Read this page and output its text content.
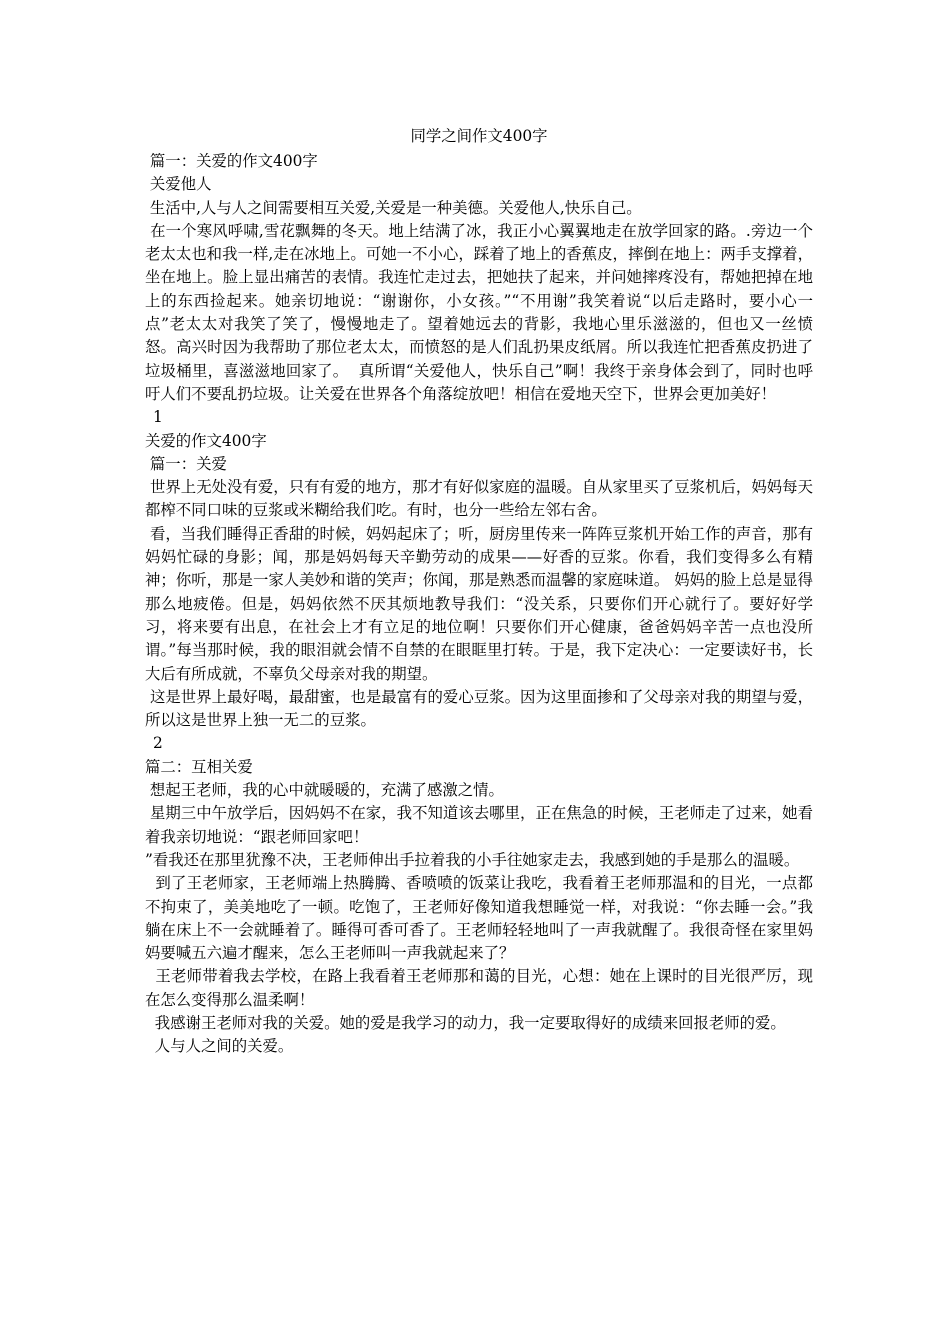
同学之间作文400字

篇一：关爱的作文400字

关爱他人

生活中,人与人之间需要相互关爱,关爱是一种美德。关爱他人,快乐自己。

在一个寒风呼啸,雪花飘舞的冬天。地上结满了冰，我正小心翼翼地走在放学回家的路。.旁边一个老太太也和我一样,走在冰地上。可她一不小心，踩着了地上的香蕉皮，摔倒在地上：两手支撑着，坐在地上。脸上显出痛苦的表情。我连忙走过去，把她扶了起来，并问她摔疼没有，帮她把掉在地上的东西捡起来。她亲切地说：“谢谢你，小女孩。”“不用谢”我笑着说“以后走路时，要小心一点”老太太对我笑了笑了，慢慢地走了。望着她远去的背影，我地心里乐滋滋的，但也又一丝愤怒。高兴时因为我帮助了那位老太太，而愤怒的是人们乱扔果皮纸屑。所以我连忙把香蕉皮扔进了垃圾桶里，喜滋滋地回家了。  真所谓“关爱他人，快乐自己”啊！我终于亲身体会到了，同时也呼吁人们不要乱扔垃圾。让关爱在世界各个角落绽放吧！相信在爱地天空下，世界会更加美好！

1

关爱的作文400字

篇一：关爱

世界上无处没有爱，只有有爱的地方，那才有好似家庭的温暖。自从家里买了豆浆机后，妈妈每天都榨不同口味的豆浆或米糊给我们吃。有时，也分一些给左邻右舍。

看，当我们睡得正香甜的时候，妈妈起床了；听，厨房里传来一阵阵豆浆机开始工作的声音，那有妈妈忙碌的身影；闻，那是妈妈每天辛勤劳动的成果——好香的豆浆。你看，我们变得多么有精神；你听，那是一家人美妙和谐的笑声；你闻，那是熟悉而温馨的家庭味道。 妈妈的脸上总是显得那么地疲倦。但是，妈妈依然不厌其烦地教导我们：“没关系，只要你们开心就行了。要好好学习，将来要有出息，在社会上才有立足的地位啊！只要你们开心健康，爸爸妈妈辛苦一点也没所谓。”每当那时候，我的眼泪就会情不自禁的在眼眶里打转。于是，我下定决心：一定要读好书，长大后有所成就，不辜负父母亲对我的期望。

这是世界上最好喝，最甜蜜，也是最富有的爱心豆浆。因为这里面掺和了父母亲对我的期望与爱，所以这是世界上独一无二的豆浆。

2

篇二：互相关爱

想起王老师，我的心中就暖暖的，充满了感激之情。

星期三中午放学后，因妈妈不在家，我不知道该去哪里，正在焦急的时候，王老师走了过来，她看着我亲切地说：“跟老师回家吧！

”看我还在那里犹豫不决，王老师伸出手拉着我的小手往她家走去，我感到她的手是那么的温暖。

到了王老师家，王老师端上热腾腾、香喷喷的饭菜让我吃，我看着王老师那温和的目光，一点都不拘束了，美美地吃了一顿。吃饱了，王老师好像知道我想睡觉一样，对我说：“你去睡一会。”我躺在床上不一会就睡着了。睡得可香可香了。王老师轻轻地叫了一声我就醒了。我很奇怪在家里妈妈要喊五六遍才醒来，怎么王老师叫一声我就起来了？

王老师带着我去学校，在路上我看着王老师那和蔼的目光，心想：她在上课时的目光很严厉，现在怎么变得那么温柔啊！

我感谢王老师对我的关爱。她的爱是我学习的动力，我一定要取得好的成绩来回报老师的爱。

人与人之间的关爱。
